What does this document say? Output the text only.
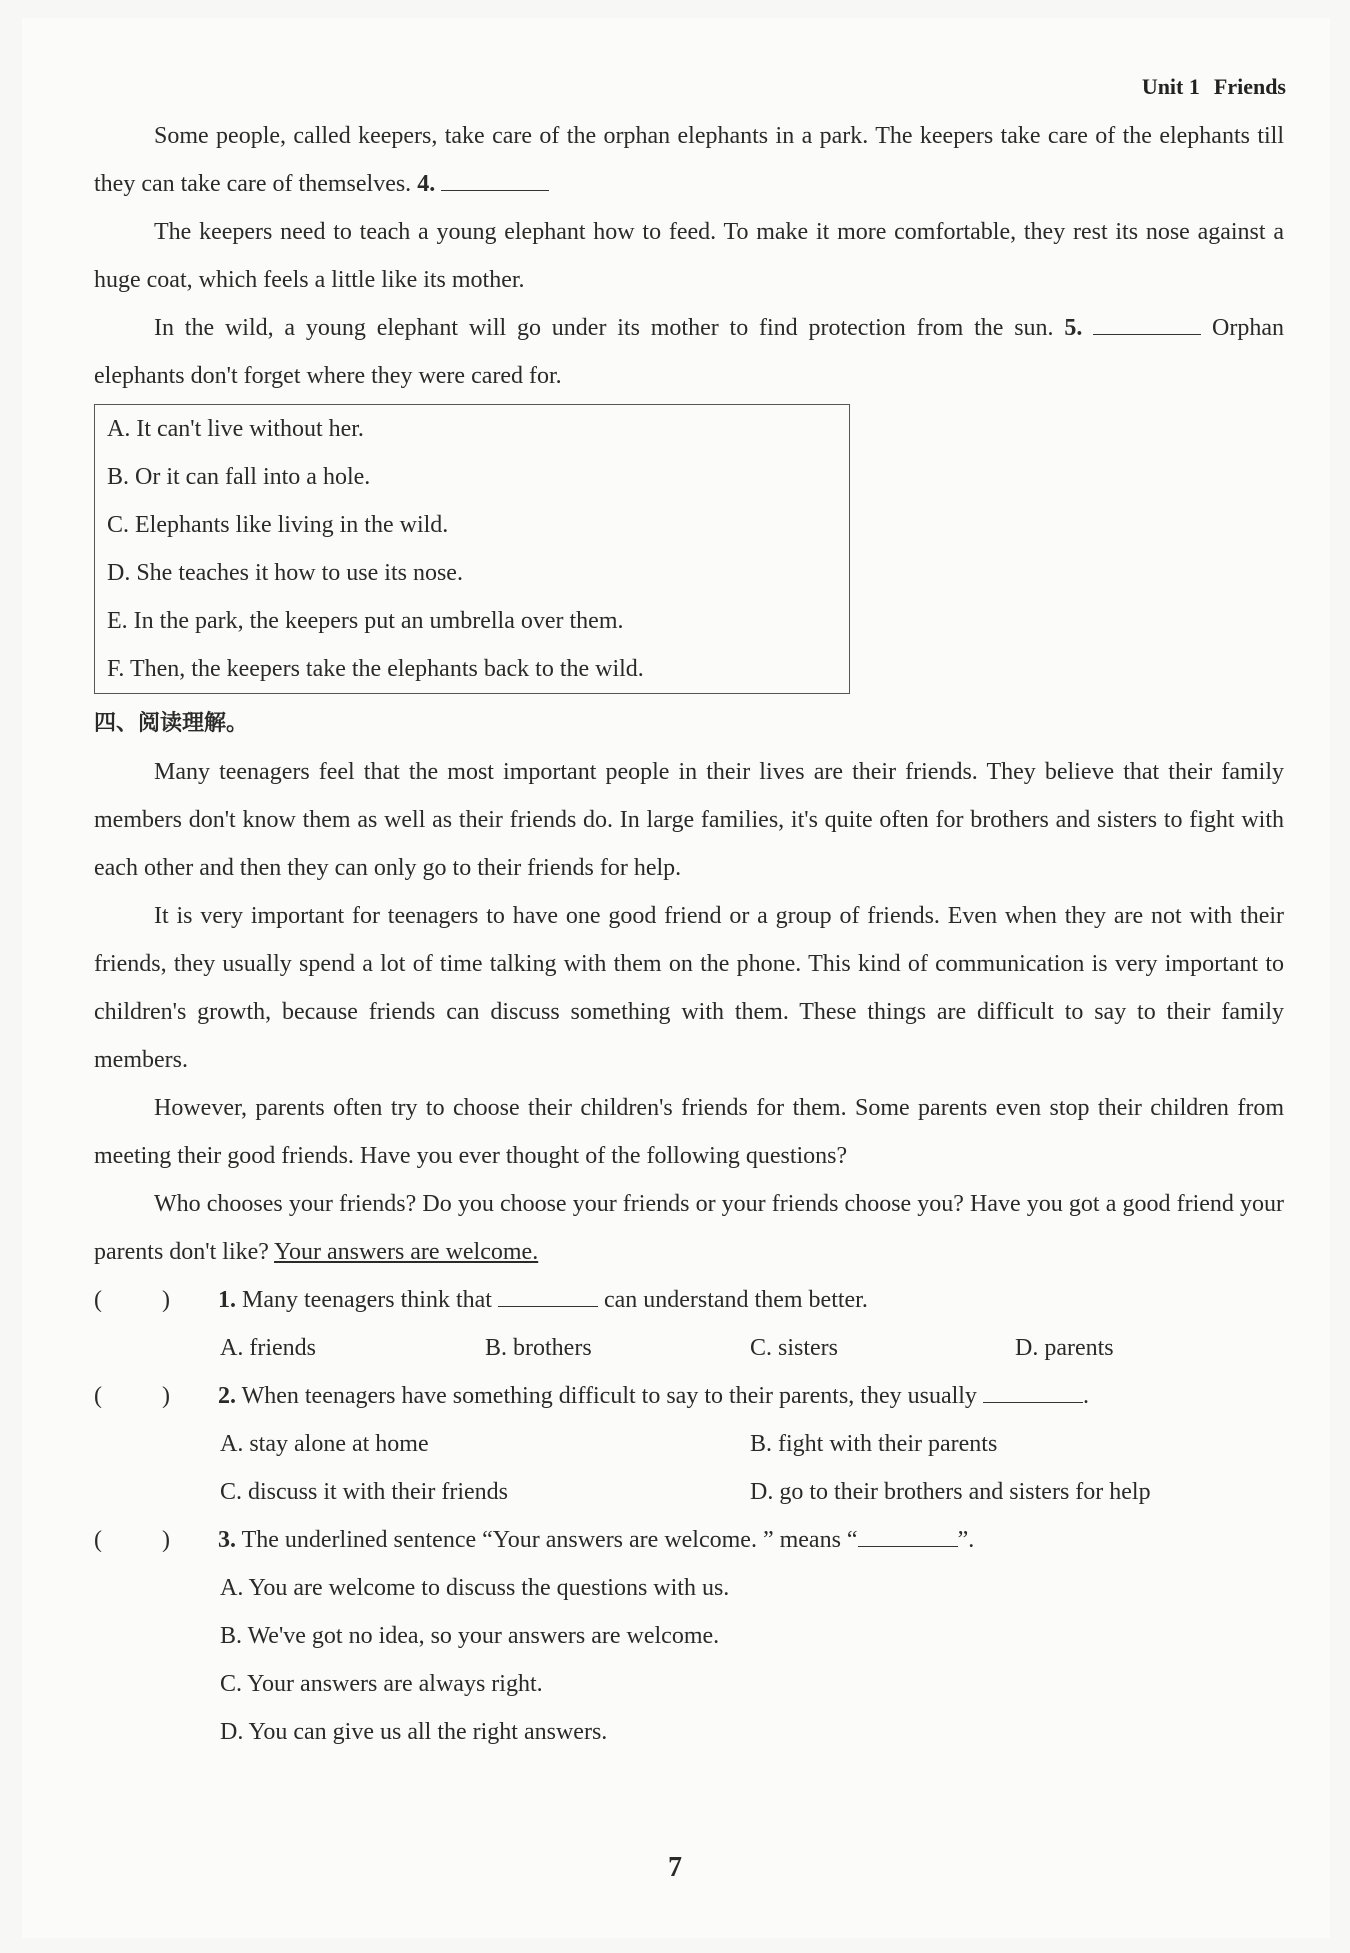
Unit 1 Friends

Some people, called keepers, take care of the orphan elephants in a park. The keepers take care of the elephants till they can take care of themselves. 4.

The keepers need to teach a young elephant how to feed. To make it more comfortable, they rest its nose against a huge coat, which feels a little like its mother.

In the wild, a young elephant will go under its mother to find protection from the sun. 5.	Orphan elephants don't forget where they were cared for.

A. It can't live without her.
B. Or it can fall into a hole.
C. Elephants like living in the wild.
D. She teaches it how to use its nose.
E. In the park, the keepers put an umbrella over them.
F. Then, the keepers take the elephants back to the wild.
四、阅读理解。

Many teenagers feel that the most important people in their lives are their friends. They believe that their family members don't know them as well as their friends do. In large families, it's quite often for brothers and sisters to fight with each other and then they can only go to their friends for help.

It is very important for teenagers to have one good friend or a group of friends. Even when they are not with their friends, they usually spend a lot of time talking with them on the phone. This kind of communication is very important to children's growth, because friends can discuss something with them. These things are difficult to say to their family members.

However, parents often try to choose their children's friends for them. Some parents even stop their children from meeting their good friends. Have you ever thought of the following questions?

Who chooses your friends? Do you choose your friends or your friends choose you? Have you got a good friend your parents don't like? Your answers are welcome.

(	) 1. Many teenagers think that	can understand them better.
A. friends	B. brothers	C. sisters	D. parents
(	) 2. When teenagers have something difficult to say to their parents, they usually	.
A. stay alone at home	B. fight with their parents
C. discuss it with their friends	D. go to their brothers and sisters for help
(	) 3. The underlined sentence “Your answers are welcome. ” means “	”.
A. You are welcome to discuss the questions with us.
B. We've got no idea, so your answers are welcome.
C. Your answers are always right.
D. You can give us all the right answers.
7
